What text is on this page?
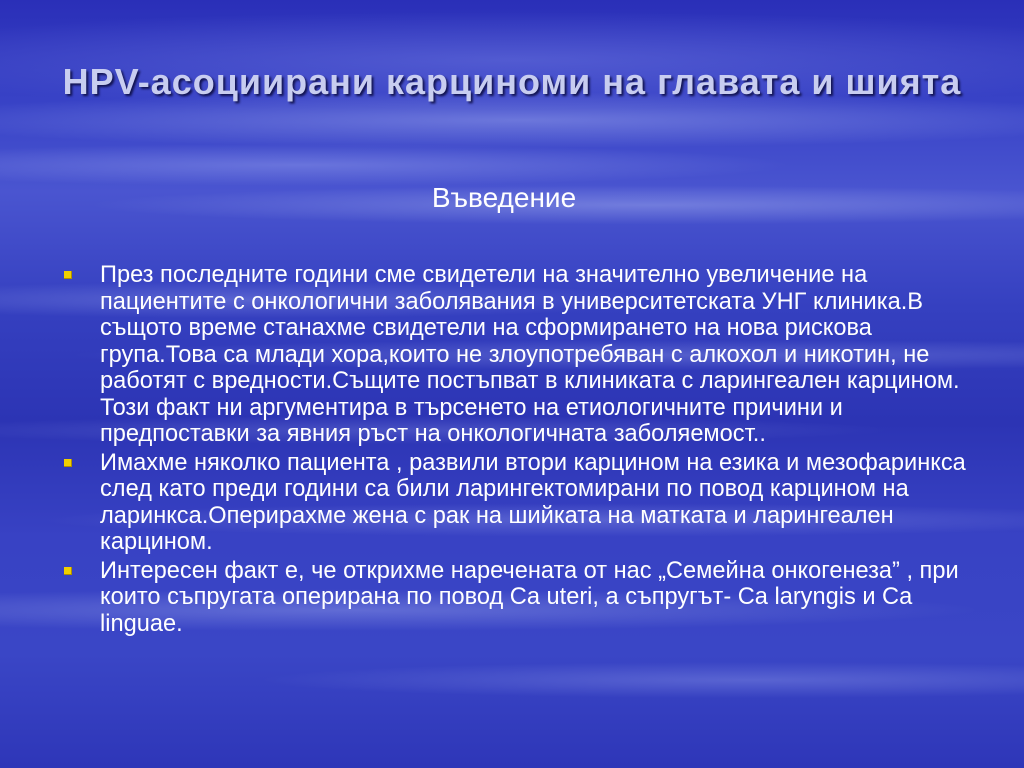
HPV-асоциирани карциноми на главата и шията
Въведение
През последните години сме свидетели на значително увеличение на пациентите с онкологични заболявания в университетската УНГ клиника.В същото време станахме свидетели на сформирането на нова рискова група.Това са млади хора,които не злоупотребяван с алкохол и никотин, не работят с вредности.Същите постъпват в клиниката с ларингеален карцином. Този факт ни аргументира в търсенето на етиологичните причини и предпоставки за явния ръст на онкологичната заболяемост..
Имахме няколко пациента , развили втори карцином на езика и мезофаринкса след като преди години са били ларингектомирани по повод карцином на ларинкса.Оперирахме жена с рак на шийката на матката и ларингеален карцином.
Интересен факт е, че открихме наречената от нас „Семейна онкогенеза” , при които съпругата оперирана по повод Ca uteri, а съпругът- Ca laryngis и Ca linguae.
